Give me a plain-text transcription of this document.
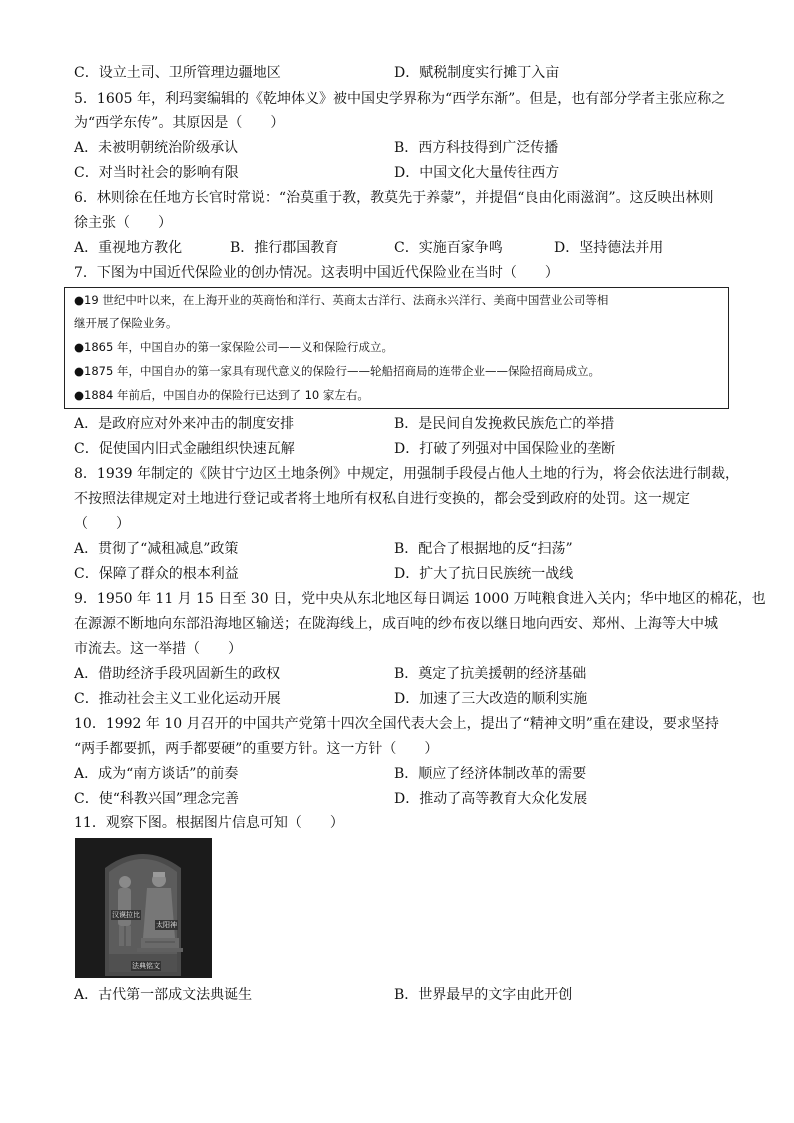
C．设立土司、卫所管理边疆地区	D．赋税制度实行摊丁入亩
5．1605 年，利玛窦编辑的《乾坤体义》被中国史学界称为“西学东渐”。但是，也有部分学者主张应称之
为“西学东传”。其原因是（　　）
A．未被明朝统治阶级承认	B．西方科技得到广泛传播
C．对当时社会的影响有限	D．中国文化大量传往西方
6．林则徐在任地方长官时常说：“治莫重于教，教莫先于养蒙”，并提倡“良由化雨滋润”。这反映出林则
徐主张（　　）
A．重视地方教化	B．推行郡国教育	C．实施百家争鸣	D．坚持德法并用
7．下图为中国近代保险业的创办情况。这表明中国近代保险业在当时（　　）
●19 世纪中叶以来，在上海开业的英商怡和洋行、英商太古洋行、法商永兴洋行、美商中国营业公司等相
继开展了保险业务。
●1865 年，中国自办的第一家保险公司——义和保险行成立。
●1875 年，中国自办的第一家具有现代意义的保险行——轮船招商局的连带企业——保险招商局成立。
●1884 年前后，中国自办的保险行已达到了 10 家左右。
A．是政府应对外来冲击的制度安排	B．是民间自发挽救民族危亡的举措
C．促使国内旧式金融组织快速瓦解	D．打破了列强对中国保险业的垄断
8．1939 年制定的《陕甘宁边区土地条例》中规定，用强制手段侵占他人土地的行为，将会依法进行制裁，
不按照法律规定对土地进行登记或者将土地所有权私自进行变换的，都会受到政府的处罚。这一规定
（　　）
A．贯彻了“减租减息”政策	B．配合了根据地的反“扫荡”
C．保障了群众的根本利益	D．扩大了抗日民族统一战线
9．1950 年 11 月 15 日至 30 日，党中央从东北地区每日调运 1000 万吨粮食进入关内；华中地区的棉花，也
在源源不断地向东部沿海地区输送；在陇海线上，成百吨的纱布夜以继日地向西安、郑州、上海等大中城
市流去。这一举措（　　）
A．借助经济手段巩固新生的政权	B．奠定了抗美援朝的经济基础
C．推动社会主义工业化运动开展	D．加速了三大改造的顺利实施
10．1992 年 10 月召开的中国共产党第十四次全国代表大会上，提出了“精神文明”重在建设，要求坚持
“两手都要抓，两手都要硬”的重要方针。这一方针（　　）
A．成为“南方谈话”的前奏	B．顺应了经济体制改革的需要
C．使“科教兴国”理念完善	D．推动了高等教育大众化发展
11．观察下图。根据图片信息可知（　　）
汉谟拉比
太阳神
法典铭文
A．古代第一部成文法典诞生	B．世界最早的文字由此开创
